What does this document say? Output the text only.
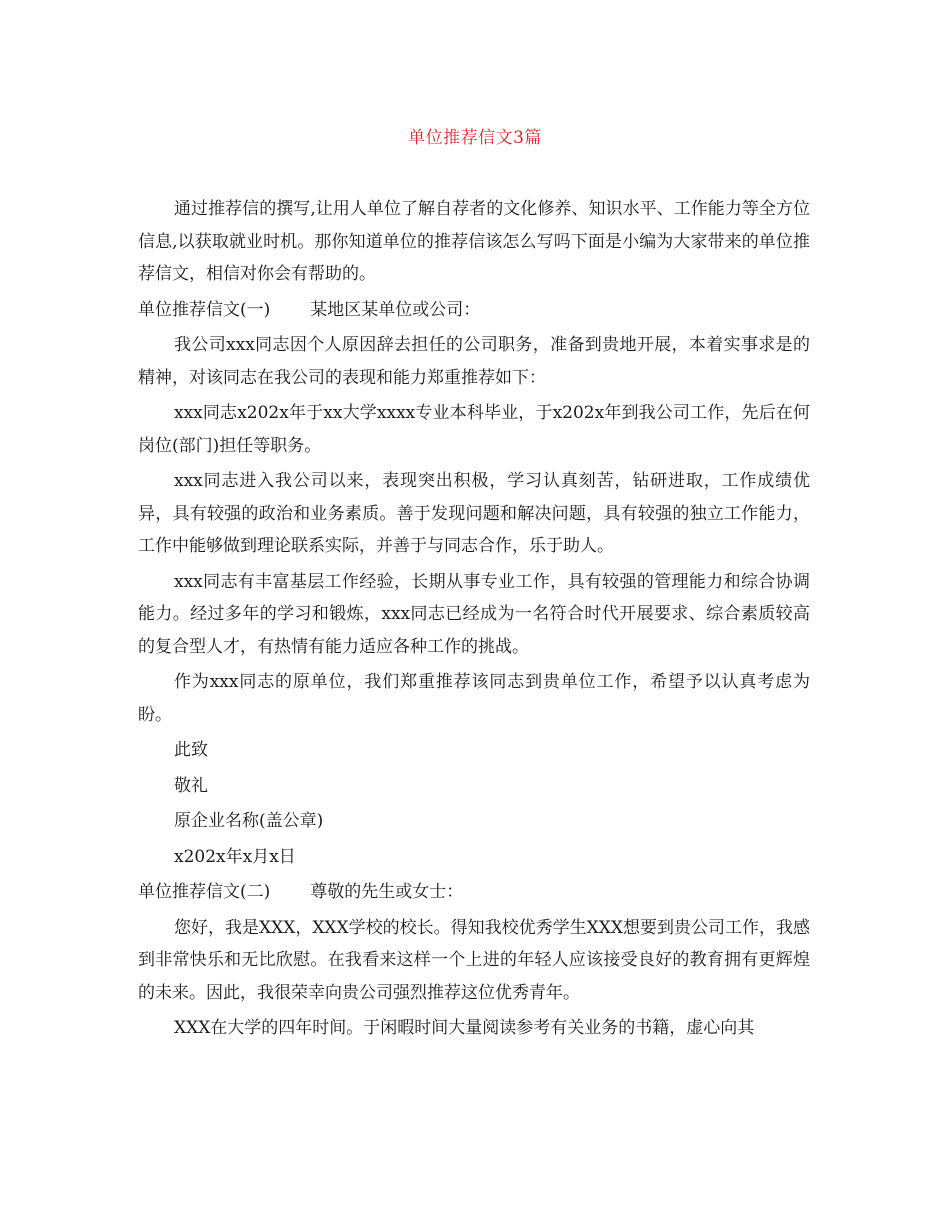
单位推荐信文3篇

通过推荐信的撰写,让用人单位了解自荐者的文化修养、知识水平、工作能力等全方位信息,以获取就业时机。那你知道单位的推荐信该怎么写吗下面是小编为大家带来的单位推荐信文，相信对你会有帮助的。

单位推荐信文(一) 某地区某单位或公司：

我公司xxx同志因个人原因辞去担任的公司职务，准备到贵地开展，本着实事求是的精神，对该同志在我公司的表现和能力郑重推荐如下：

xxx同志x202x年于xx大学xxxx专业本科毕业，于x202x年到我公司工作，先后在何岗位(部门)担任等职务。

xxx同志进入我公司以来，表现突出积极，学习认真刻苦，钻研进取，工作成绩优异，具有较强的政治和业务素质。善于发现问题和解决问题，具有较强的独立工作能力，工作中能够做到理论联系实际，并善于与同志合作，乐于助人。

xxx同志有丰富基层工作经验，长期从事专业工作，具有较强的管理能力和综合协调能力。经过多年的学习和锻炼，xxx同志已经成为一名符合时代开展要求、综合素质较高的复合型人才，有热情有能力适应各种工作的挑战。

作为xxx同志的原单位，我们郑重推荐该同志到贵单位工作，希望予以认真考虑为盼。

此致

敬礼

原企业名称(盖公章)

x202x年x月x日

单位推荐信文(二) 尊敬的先生或女士：

您好，我是XXX，XXX学校的校长。得知我校优秀学生XXX想要到贵公司工作，我感到非常快乐和无比欣慰。在我看来这样一个上进的年轻人应该接受良好的教育拥有更辉煌的未来。因此，我很荣幸向贵公司强烈推荐这位优秀青年。

XXX在大学的四年时间。于闲暇时间大量阅读参考有关业务的书籍，虚心向其
